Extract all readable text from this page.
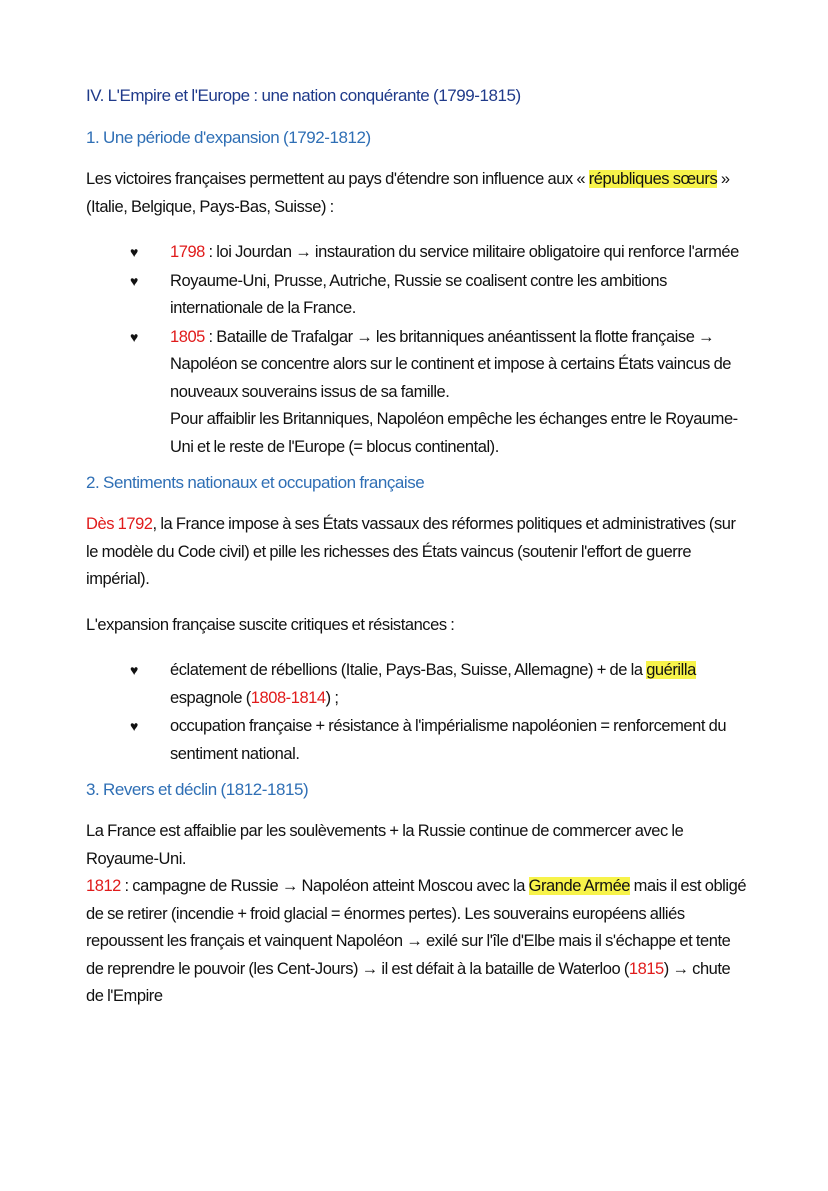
IV. L'Empire et l'Europe : une nation conquérante (1799-1815)
1. Une période d'expansion (1792-1812)

Les victoires françaises permettent au pays d'étendre son influence aux « républiques sœurs » (Italie, Belgique, Pays-Bas, Suisse) :

♥ 1798 : loi Jourdan → instauration du service militaire obligatoire qui renforce l'armée
♥ Royaume-Uni, Prusse, Autriche, Russie se coalisent contre les ambitions internationale de la France.
♥ 1805 : Bataille de Trafalgar → les britanniques anéantissent la flotte française → Napoléon se concentre alors sur le continent et impose à certains États vaincus de nouveaux souverains issus de sa famille.
Pour affaiblir les Britanniques, Napoléon empêche les échanges entre le Royaume-Uni et le reste de l'Europe (= blocus continental).
2. Sentiments nationaux et occupation française

Dès 1792, la France impose à ses États vassaux des réformes politiques et administratives (sur le modèle du Code civil) et pille les richesses des États vaincus (soutenir l'effort de guerre impérial).

L'expansion française suscite critiques et résistances :

♥ éclatement de rébellions (Italie, Pays-Bas, Suisse, Allemagne) + de la guérilla espagnole (1808-1814) ;
♥ occupation française + résistance à l'impérialisme napoléonien = renforcement du sentiment national.
3. Revers et déclin (1812-1815)

La France est affaiblie par les soulèvements + la Russie continue de commercer avec le Royaume-Uni.
1812 : campagne de Russie → Napoléon atteint Moscou avec la Grande Armée mais il est obligé de se retirer (incendie + froid glacial = énormes pertes). Les souverains européens alliés repoussent les français et vainquent Napoléon → exilé sur l'île d'Elbe mais il s'échappe et tente de reprendre le pouvoir (les Cent-Jours) → il est défait à la bataille de Waterloo (1815) → chute de l'Empire
